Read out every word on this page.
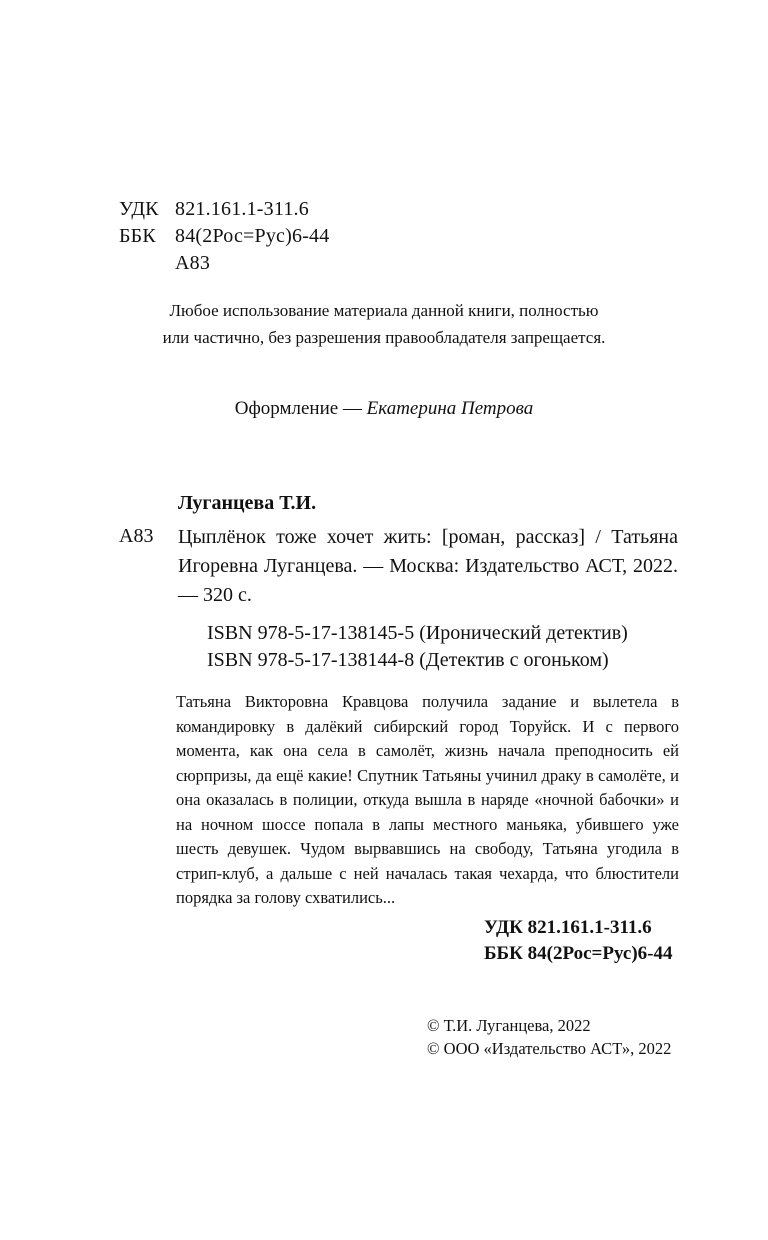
УДК 821.161.1-311.6
ББК 84(2Рос=Рус)6-44
А83
Любое использование материала данной книги, полностью
или частично, без разрешения правообладателя запрещается.
Оформление — Екатерина Петрова
Луганцева Т.И.
А83 Цыплёнок тоже хочет жить: [роман, рассказ] / Татьяна Игоревна Луганцева. — Москва: Издательство АСТ, 2022. — 320 с.
ISBN 978-5-17-138145-5 (Иронический детектив)
ISBN 978-5-17-138144-8 (Детектив с огоньком)
Татьяна Викторовна Кравцова получила задание и вылетела в командировку в далёкий сибирский город Торуйск. И с первого момента, как она села в самолёт, жизнь начала преподносить ей сюрпризы, да ещё какие! Спутник Татьяны учинил драку в самолёте, и она оказалась в полиции, откуда вышла в наряде «ночной бабочки» и на ночном шоссе попала в лапы местного маньяка, убившего уже шесть девушек. Чудом вырвавшись на свободу, Татьяна угодила в стрип-клуб, а дальше с ней началась такая чехарда, что блюстители порядка за голову схватились...
УДК 821.161.1-311.6
ББК 84(2Рос=Рус)6-44
© Т.И. Луганцева, 2022
© ООО «Издательство АСТ», 2022
